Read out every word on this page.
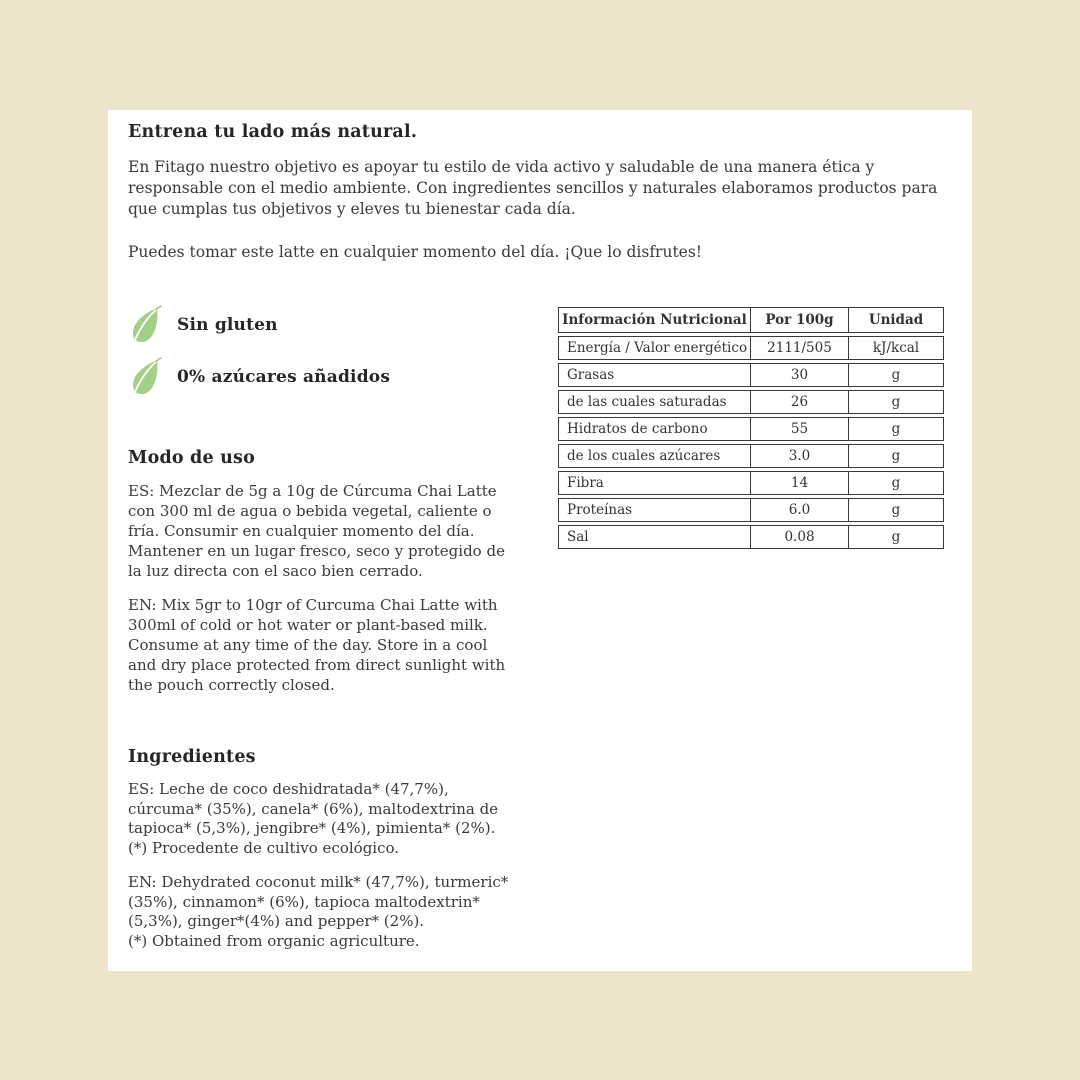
Entrena tu lado más natural.

En Fitago nuestro objetivo es apoyar tu estilo de vida activo y saludable de una manera ética y responsable con el medio ambiente. Con ingredientes sencillos y naturales elaboramos productos para que cumplas tus objetivos y eleves tu bienestar cada día.

Puedes tomar este latte en cualquier momento del día. ¡Que lo disfrutes!

Sin gluten
0% azúcares añadidos
Modo de uso

ES: Mezclar de 5g a 10g de Cúrcuma Chai Latte con 300 ml de agua o bebida vegetal, caliente o fría. Consumir en cualquier momento del día. Mantener en un lugar fresco, seco y protegido de la luz directa con el saco bien cerrado.

EN: Mix 5gr to 10gr of Curcuma Chai Latte with 300ml of cold or hot water or plant-based milk. Consume at any time of the day. Store in a cool and dry place protected from direct sunlight with the pouch correctly closed.

Ingredientes

ES: Leche de coco deshidratada* (47,7%), cúrcuma* (35%), canela* (6%), maltodextrina de tapioca* (5,3%), jengibre* (4%), pimienta* (2%).
(*) Procedente de cultivo ecológico.

EN: Dehydrated coconut milk* (47,7%), turmeric* (35%), cinnamon* (6%), tapioca maltodextrin* (5,3%), ginger*(4%) and pepper* (2%).
(*) Obtained from organic agriculture.

Información Nutricional	Por 100g	Unidad
Energía / Valor energético	2111/505	kJ/kcal
Grasas	30	g
de las cuales saturadas	26	g
Hidratos de carbono	55	g
de los cuales azúcares	3.0	g
Fibra	14	g
Proteínas	6.0	g
Sal	0.08	g
